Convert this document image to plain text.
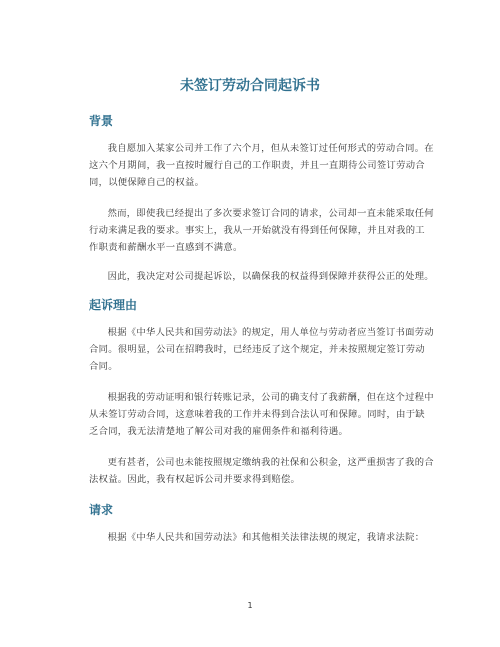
未签订劳动合同起诉书
背景

我自愿加入某家公司并工作了六个月，但从未签订过任何形式的劳动合同。在这六个月期间，我一直按时履行自己的工作职责，并且一直期待公司签订劳动合同，以便保障自己的权益。

然而，即使我已经提出了多次要求签订合同的请求，公司却一直未能采取任何行动来满足我的要求。事实上，我从一开始就没有得到任何保障，并且对我的工作职责和薪酬水平一直感到不满意。

因此，我决定对公司提起诉讼，以确保我的权益得到保障并获得公正的处理。

起诉理由

根据《中华人民共和国劳动法》的规定，用人单位与劳动者应当签订书面劳动合同。很明显，公司在招聘我时，已经违反了这个规定，并未按照规定签订劳动合同。

根据我的劳动证明和银行转账记录，公司的确支付了我薪酬，但在这个过程中从未签订劳动合同，这意味着我的工作并未得到合法认可和保障。同时，由于缺乏合同，我无法清楚地了解公司对我的雇佣条件和福利待遇。

更有甚者，公司也未能按照规定缴纳我的社保和公积金，这严重损害了我的合法权益。因此，我有权起诉公司并要求得到赔偿。

请求

根据《中华人民共和国劳动法》和其他相关法律法规的规定，我请求法院：

1
